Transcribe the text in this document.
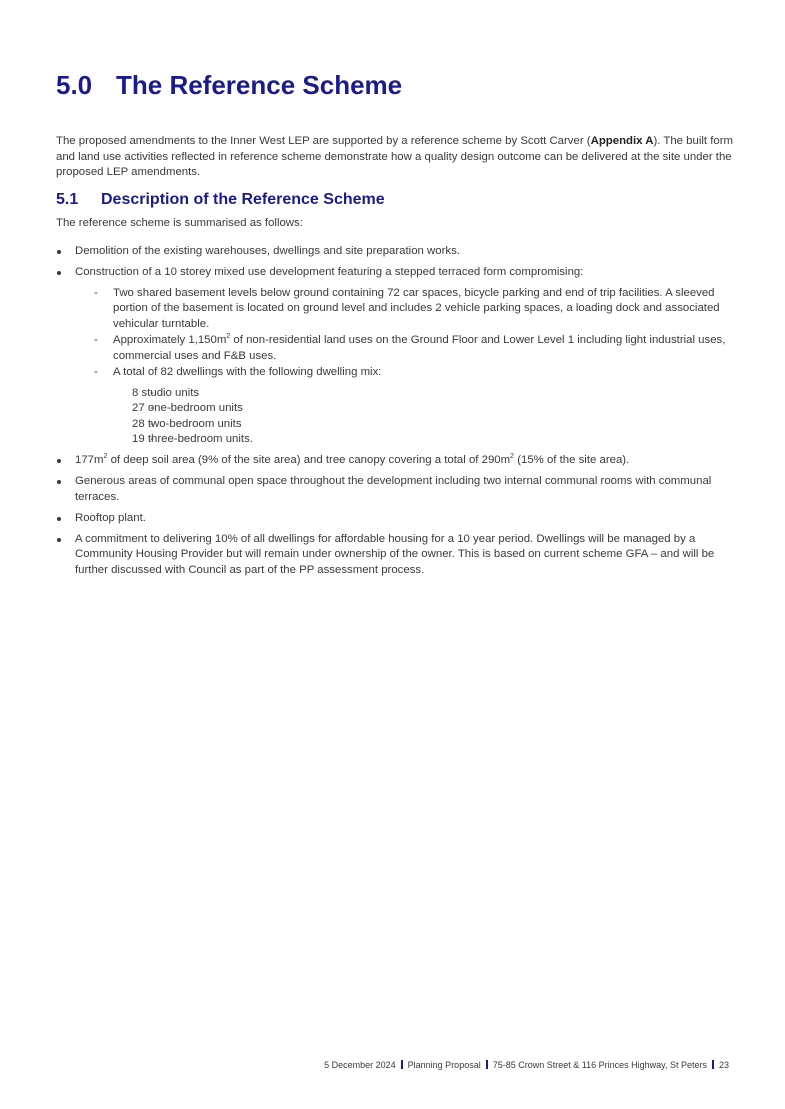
5.0 The Reference Scheme

The proposed amendments to the Inner West LEP are supported by a reference scheme by Scott Carver (Appendix A). The built form and land use activities reflected in reference scheme demonstrate how a quality design outcome can be delivered at the site under the proposed LEP amendments.

5.1 Description of the Reference Scheme

The reference scheme is summarised as follows:

Demolition of the existing warehouses, dwellings and site preparation works.
Construction of a 10 storey mixed use development featuring a stepped terraced form compromising:
- Two shared basement levels below ground containing 72 car spaces, bicycle parking and end of trip facilities. A sleeved portion of the basement is located on ground level and includes 2 vehicle parking spaces, a loading dock and associated vehicular turntable.
- Approximately $1,150m^2$ of non-residential land uses on the Ground Floor and Lower Level 1 including light industrial uses, commercial uses and F&B uses.
- A total of 82 dwellings with the following dwelling mix:
- 8 studio units
- 27 one-bedroom units
- 28 two-bedroom units
- 19 three-bedroom units.
$177m^2$ of deep soil area (9% of the site area) and tree canopy covering a total of $290m^2$ (15% of the site area).
Generous areas of communal open space throughout the development including two internal communal rooms with communal terraces.
Rooftop plant.
A commitment to delivering 10% of all dwellings for affordable housing for a 10 year period. Dwellings will be managed by a Community Housing Provider but will remain under ownership of the owner. This is based on current scheme GFA – and will be further discussed with Council as part of the PP assessment process.
5 December 2024 Planning Proposal 75-85 Crown Street & 116 Princes Highway, St Peters 23
